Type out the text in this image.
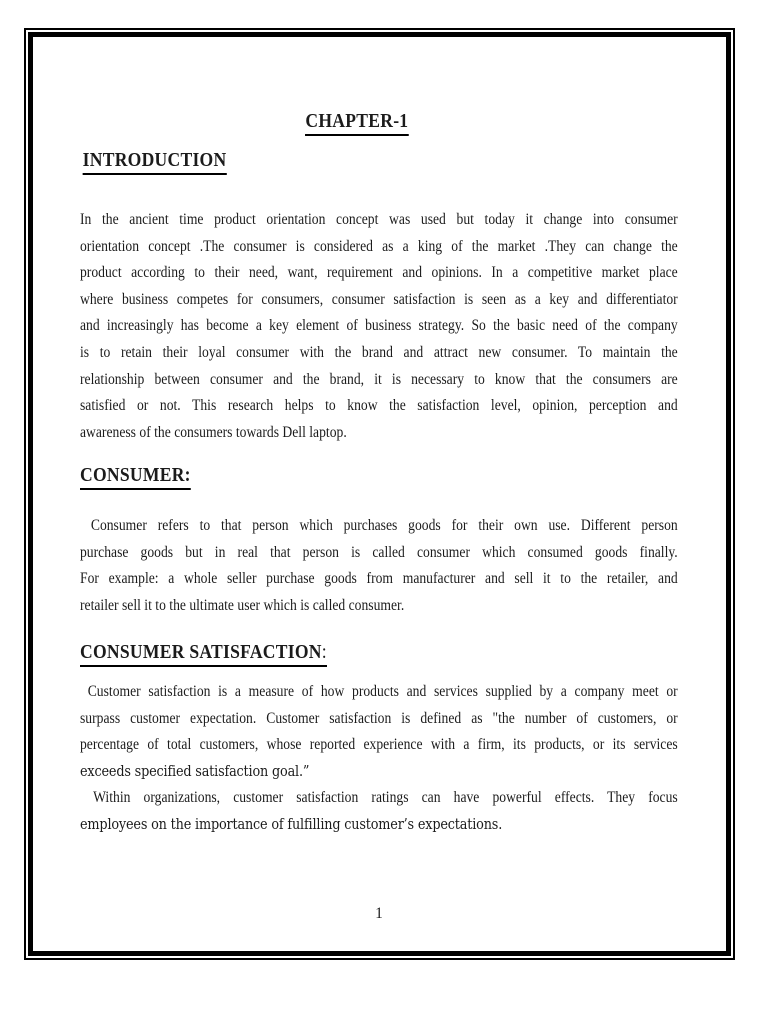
CHAPTER-1
INTRODUCTION
In the ancient time product orientation concept was used but today it change into consumer
orientation concept .The consumer is considered as a king of the market .They can change the
product according to their need, want, requirement and opinions. In a competitive market place
where business competes for consumers, consumer satisfaction is seen as a key and differentiator
and increasingly has become a key element of business strategy. So the basic need of the company
is to retain their loyal consumer with the brand and attract new consumer. To maintain the
relationship between consumer and the brand, it is necessary to know that the consumers are
satisfied or not. This research helps to know the satisfaction level, opinion, perception and
awareness of the consumers towards Dell laptop.
CONSUMER:
Consumer refers to that person which purchases goods for their own use. Different person
purchase goods but in real that person is called consumer which consumed goods finally.
For example: a whole seller purchase goods from manufacturer and sell it to the retailer, and
retailer sell it to the ultimate user which is called consumer.
CONSUMER SATISFACTION:
Customer satisfaction is a measure of how products and services supplied by a company meet or
surpass customer expectation. Customer satisfaction is defined as "the number of customers, or
percentage of total customers, whose reported experience with a firm, its products, or its services
exceeds specified satisfaction goal.”
Within organizations, customer satisfaction ratings can have powerful effects. They focus
employees on the importance of fulfilling customer’s expectations.
1
